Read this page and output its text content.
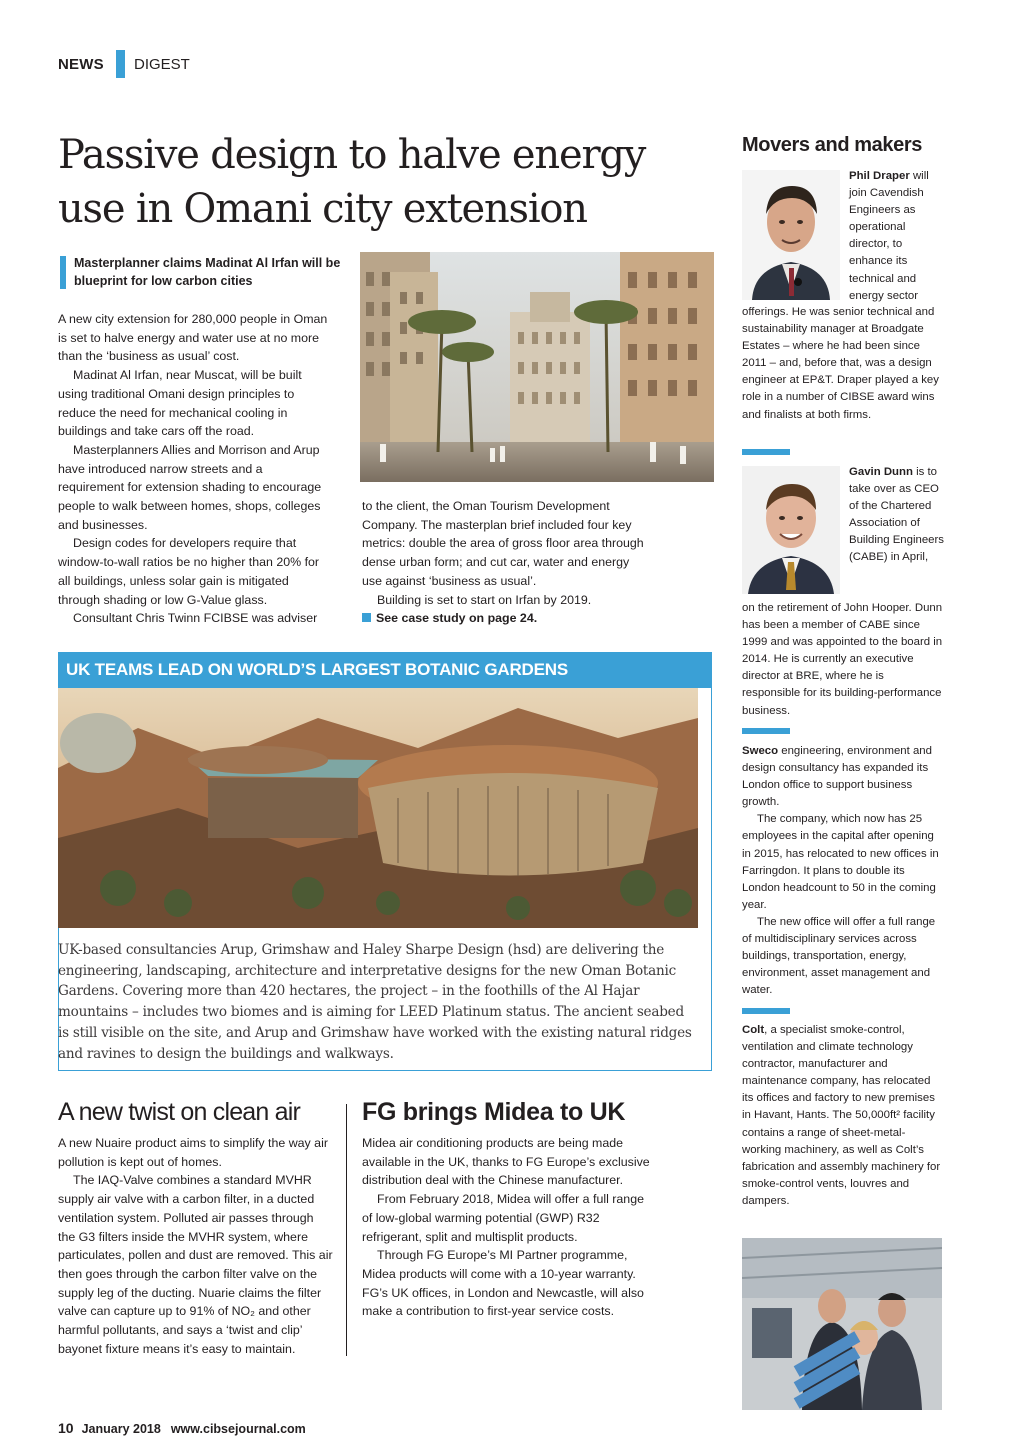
NEWS DIGEST
Passive design to halve energy
use in Omani city extension
Masterplanner claims Madinat Al Irfan will be blueprint for low carbon cities

A new city extension for 280,000 people in Oman is set to halve energy and water use at no more than the ‘business as usual’ cost.

Madinat Al Irfan, near Muscat, will be built using traditional Omani design principles to reduce the need for mechanical cooling in buildings and take cars off the road.

Masterplanners Allies and Morrison and Arup have introduced narrow streets and a requirement for extension shading to encourage people to walk between homes, shops, colleges and businesses.

Design codes for developers require that window-to-wall ratios be no higher than 20% for all buildings, unless solar gain is mitigated through shading or low G-Value glass.

Consultant Chris Twinn FCIBSE was adviser

to the client, the Oman Tourism Development Company. The masterplan brief included four key metrics: double the area of gross floor area through dense urban form; and cut car, water and energy use against ‘business as usual’.

Building is set to start on Irfan by 2019.

See case study on page 24.

UK TEAMS LEAD ON WORLD’S LARGEST BOTANIC GARDENS
UK-based consultancies Arup, Grimshaw and Haley Sharpe Design (hsd) are delivering the engineering, landscaping, architecture and interpretative designs for the new Oman Botanic Gardens. Covering more than 420 hectares, the project – in the foothills of the Al Hajar mountains – includes two biomes and is aiming for LEED Platinum status. The ancient seabed is still visible on the site, and Arup and Grimshaw have worked with the existing natural ridges and ravines to design the buildings and walkways.
A new twist on clean air FG brings Midea to UK

A new Nuaire product aims to simplify the way air pollution is kept out of homes.

The IAQ-Valve combines a standard MVHR supply air valve with a carbon filter, in a ducted ventilation system. Polluted air passes through the G3 filters inside the MVHR system, where particulates, pollen and dust are removed. This air then goes through the carbon filter valve on the supply leg of the ducting. Nuarie claims the filter valve can capture up to 91% of NO₂ and other harmful pollutants, and says a ‘twist and clip’ bayonet fixture means it’s easy to maintain.

Midea air conditioning products are being made available in the UK, thanks to FG Europe’s exclusive distribution deal with the Chinese manufacturer.

From February 2018, Midea will offer a full range of low-global warming potential (GWP) R32 refrigerant, split and multisplit products.

Through FG Europe’s MI Partner programme, Midea products will come with a 10-year warranty. FG’s UK offices, in London and Newcastle, will also make a contribution to first-year service costs.

10 January 2018 www.cibsejournal.com
Movers and makers
Phil Draper will join Cavendish Engineers as operational director, to enhance its technical and energy sector
offerings. He was senior technical and sustainability manager at Broadgate Estates – where he had been since 2011 – and, before that, was a design engineer at EP&T. Draper played a key role in a number of CIBSE award wins and finalists at both firms.
Gavin Dunn is to take over as CEO of the Chartered Association of Building Engineers (CABE) in April,
on the retirement of John Hooper. Dunn has been a member of CABE since 1999 and was appointed to the board in 2014. He is currently an executive director at BRE, where he is responsible for its building-performance business.

Sweco engineering, environment and design consultancy has expanded its London office to support business growth.

The company, which now has 25 employees in the capital after opening in 2015, has relocated to new offices in Farringdon. It plans to double its London headcount to 50 in the coming year.

The new office will offer a full range of multidisciplinary services across buildings, transportation, energy, environment, asset management and water.

Colt, a specialist smoke-control, ventilation and climate technology contractor, manufacturer and maintenance company, has relocated its offices and factory to new premises in Havant, Hants. The 50,000ft² facility contains a range of sheet-metal-working machinery, as well as Colt’s fabrication and assembly machinery for smoke-control vents, louvres and dampers.
